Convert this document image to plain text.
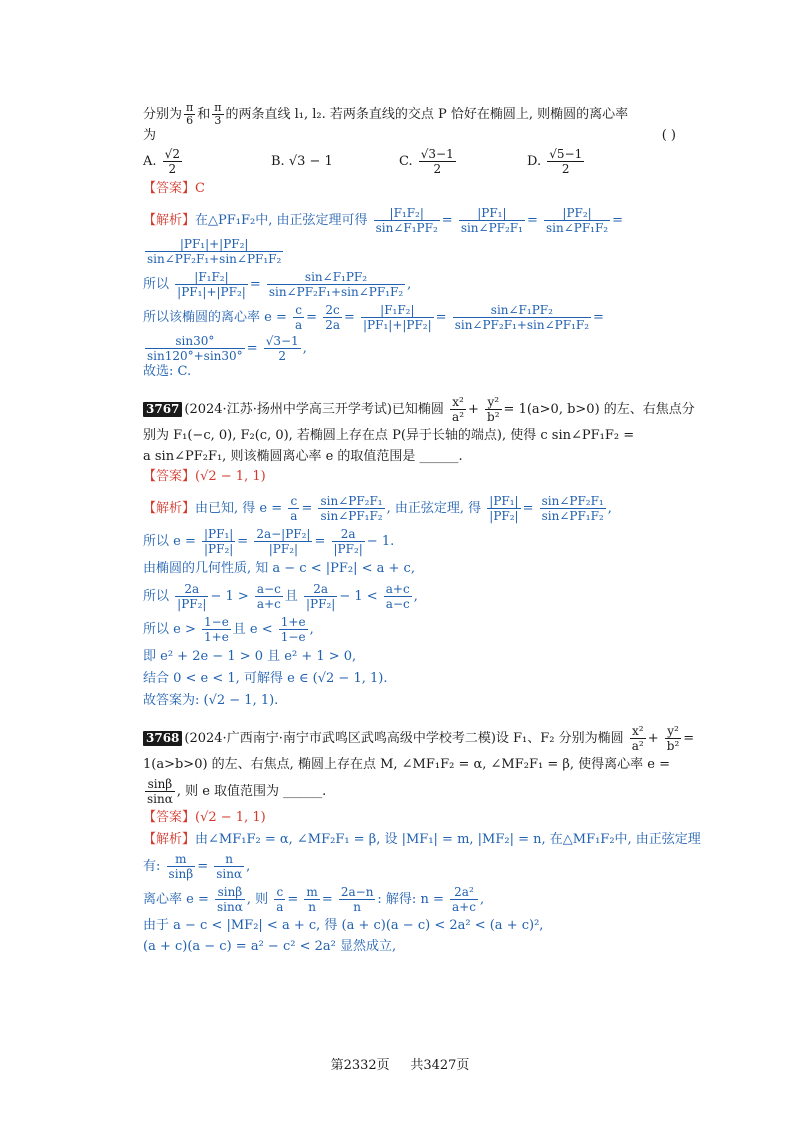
分别为 $\frac{\pi}{6}$ 和 $\frac{\pi}{3}$ 的两条直线 l₁, l₂. 若两条直线的交点 P 恰好在椭圆上, 则椭圆的离心率
为	( )
A. $\frac{√2}{2}$	B. √3 − 1	C. $\frac{√3-1}{2}$	D. $\frac{√5-1}{2}$
【答案】C
【解析】在△PF₁F₂中, 由正弦定理可得 $\frac{\text{|F₁F₂|}}{\text{sin∠F₁PF₂}} = \frac{\text{|PF₁|}}{\text{sin∠PF₂F₁}} = \frac{\text{|PF₂|}}{\text{sin∠PF₁F₂}}$ =
$\frac{\text{|PF₁|+|PF₂|}}{\text{sin∠PF₂F₁+sin∠PF₁F₂}}$
所以 $\frac{\text{|F₁F₂|}}{\text{|PF₁|+|PF₂|}} = \frac{\text{sin∠F₁PF₂}}{\text{sin∠PF₂F₁+sin∠PF₁F₂}}$ ,
所以该椭圆的离心率 $e = \frac{c}{a} = \frac{2c}{2a} = \frac{\text{|F₁F₂|}}{\text{|PF₁|+|PF₂|}} = \frac{\text{sin∠F₁PF₂}}{\text{sin∠PF₂F₁+sin∠PF₁F₂}}$ =
$\frac{\sin 30^\circ}{\sin 120^\circ+\sin 30^\circ} = \frac{√3-1}{2}$ ,
故选: C.
3767 (2024·江苏·扬州中学高三开学考试)已知椭圆 $\frac{\text{x²}}{\text{a²}} + \frac{\text{y²}}{\text{b²}} = 1(a>0$, b>0) 的左、右焦点分
别为 F₁(−c, 0), F₂(c, 0), 若椭圆上存在点 P(异于长轴的端点), 使得 c sin∠PF₁F₂ =
a sin∠PF₂F₁, 则该椭圆离心率 e 的取值范围是 ______.
【答案】(√2 − 1, 1)
【解析】由已知, 得 $e = \frac{c}{a} = \frac{\text{sin∠PF₂F₁}}{\text{sin∠PF₁F₂}}$ , 由正弦定理, 得 $\frac{\text{|PF₁|}}{\text{|PF₂|}} = \frac{\text{sin∠PF₂F₁}}{\text{sin∠PF₁F₂}}$ ,
所以 $e = \frac{\text{|PF₁|}}{\text{|PF₂|}} = \frac{\text{2a−|PF₂|}}{\text{|PF₂|}} = \frac{2a}{\text{|PF₂|}} - 1$.
由椭圆的几何性质, 知 a − c < |PF₂| < a + c,
所以 $\frac{2a}{\text{|PF₂|}} - 1 > \frac{a-c}{a+c}$ 且 $\frac{2a}{\text{|PF₂|}} - 1 < \frac{a+c}{a-c}$ ,
所以 $e > \frac{1-e}{1+e}$ 且 $e < \frac{1+e}{1-e}$ ,
即 e² + 2e − 1 > 0 且 e² + 1 > 0,
结合 0 < e < 1, 可解得 e ∈ (√2 − 1, 1).
故答案为: (√2 − 1, 1).
3768 (2024·广西南宁·南宁市武鸣区武鸣高级中学校考二模)设 F₁、F₂ 分别为椭圆 $\frac{\text{x²}}{\text{a²}} + \frac{\text{y²}}{\text{b²}}$ =
1(a>b>0) 的左、右焦点, 椭圆上存在点 M, ∠MF₁F₂ = α, ∠MF₂F₁ = β, 使得离心率 e =
$\frac{\sin\beta}{\sin\alpha}$ , 则 e 取值范围为 ______.
【答案】(√2 − 1, 1)
【解析】由∠MF₁F₂ = α, ∠MF₂F₁ = β, 设 |MF₁| = m, |MF₂| = n, 在△MF₁F₂中, 由正弦定理
有: $\frac{m}{\sin\beta} = \frac{n}{\sin\alpha}$ ,
离心率 $e = \frac{\sin\beta}{\sin\alpha}$ , 则 $\frac{c}{a} = \frac{m}{n} = \frac{2a-n}{n}$ : 解得: $n = \frac{\text{2a²}}{a+c}$ ,
由于 a − c < |MF₂| < a + c, 得 (a + c)(a − c) < 2a² < (a + c)²,
(a + c)(a − c) = a² − c² < 2a² 显然成立,
第2332页 共3427页
